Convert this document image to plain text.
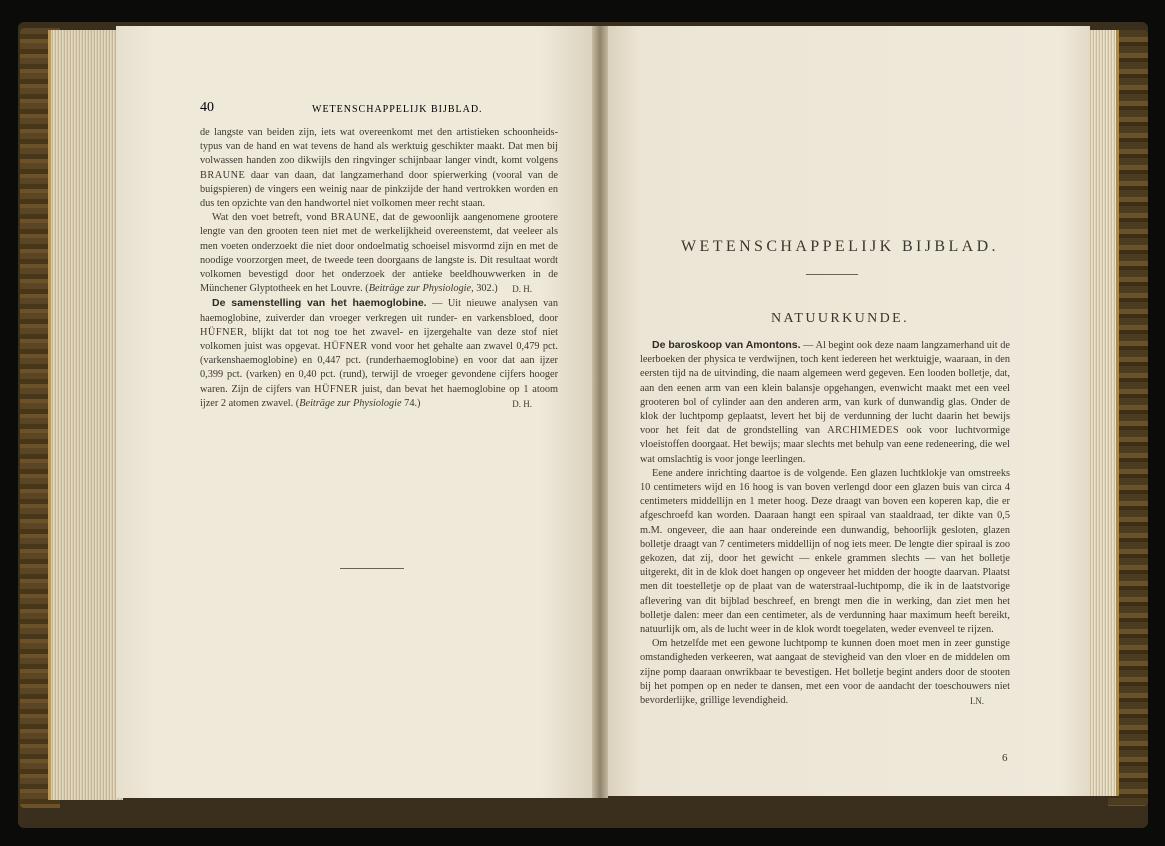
40	WETENSCHAPPELIJK BIJBLAD.

de langste van beiden zijn, iets wat overeenkomt met den artistieken schoonheids-typus van de hand en wat tevens de hand als werktuig geschikter maakt. Dat men bij volwassen handen zoo dikwijls den ringvinger schijnbaar langer vindt, komt volgens BRAUNE daar van daan, dat langzamerhand door spierwerking (vooral van de buigspieren) de vingers een weinig naar de pinkzijde der hand vertrokken worden en dus ten opzichte van den handwortel niet volkomen meer recht staan.

Wat den voet betreft, vond BRAUNE, dat de gewoonlijk aangenomene grootere lengte van den grooten teen niet met de werkelijkheid overeenstemt, dat veeleer als men voeten onderzoekt die niet door ondoelmatig schoeisel misvormd zijn en met de noodige voorzorgen meet, de tweede teen doorgaans de langste is. Dit resultaat wordt volkomen bevestigd door het onderzoek der antieke beeldhouwwerken in de Münchener Glyptotheek en het Louvre. (Beiträge zur Physiologie, 302.)	D. H.

De samenstelling van het haemoglobine. — Uit nieuwe analysen van haemoglobine, zuiverder dan vroeger verkregen uit runder- en varkensbloed, door HÜFNER, blijkt dat tot nog toe het zwavel- en ijzergehalte van deze stof niet volkomen juist was opgevat. HÜFNER vond voor het gehalte aan zwavel 0,479 pct. (varkenshaemoglobine) en 0,447 pct. (runderhaemoglobine) en voor dat aan ijzer 0,399 pct. (varken) en 0,40 pct. (rund), terwijl de vroeger gevondene cijfers hooger waren. Zijn de cijfers van HÜFNER juist, dan bevat het haemoglobine op 1 atoom ijzer 2 atomen zwavel. (Beiträge zur Physiologie 74.)	D. H.

WETENSCHAPPELIJK BIJBLAD.
NATUURKUNDE.

De baroskoop van Amontons. — Al begint ook deze naam langzamerhand uit de leerboeken der physica te verdwijnen, toch kent iedereen het werktuigje, waaraan, in den eersten tijd na de uitvinding, die naam algemeen werd gegeven. Een looden bolletje, dat, aan den eenen arm van een klein balansje opgehangen, evenwicht maakt met een veel grooteren bol of cylinder aan den anderen arm, van kurk of dunwandig glas. Onder de klok der luchtpomp geplaatst, levert het bij de verdunning der lucht daarin het bewijs voor het feit dat de grondstelling van ARCHIMEDES ook voor luchtvormige vloeistoffen doorgaat. Het bewijs; maar slechts met behulp van eene redeneering, die wel wat omslachtig is voor jonge leerlingen.

Eene andere inrichting daartoe is de volgende. Een glazen luchtklokje van omstreeks 10 centimeters wijd en 16 hoog is van boven verlengd door een glazen buis van circa 4 centimeters middellijn en 1 meter hoog. Deze draagt van boven een koperen kap, die er afgeschroefd kan worden. Daaraan hangt een spiraal van staaldraad, ter dikte van 0,5 m.M. ongeveer, die aan haar ondereinde een dunwandig, behoorlijk gesloten, glazen bolletje draagt van 7 centimeters middellijn of nog iets meer. De lengte dier spiraal is zoo gekozen, dat zij, door het gewicht — enkele grammen slechts — van het bolletje uitgerekt, dit in de klok doet hangen op ongeveer het midden der hoogte daarvan. Plaatst men dit toestelletje op de plaat van de waterstraal-luchtpomp, die ik in de laatstvorige aflevering van dit bijblad beschreef, en brengt men die in werking, dan ziet men het bolletje dalen: meer dan een centimeter, als de verdunning haar maximum heeft bereikt, natuurlijk om, als de lucht weer in de klok wordt toegelaten, weder evenveel te rijzen.

Om hetzelfde met een gewone luchtpomp te kunnen doen moet men in zeer gunstige omstandigheden verkeeren, wat aangaat de stevigheid van den vloer en de middelen om zijne pomp daaraan onwrikbaar te bevestigen. Het bolletje begint anders door de stooten bij het pompen op en neder te dansen, met een voor de aandacht der toeschouwers niet bevorderlijke, grillige levendigheid.	I.N.

6
